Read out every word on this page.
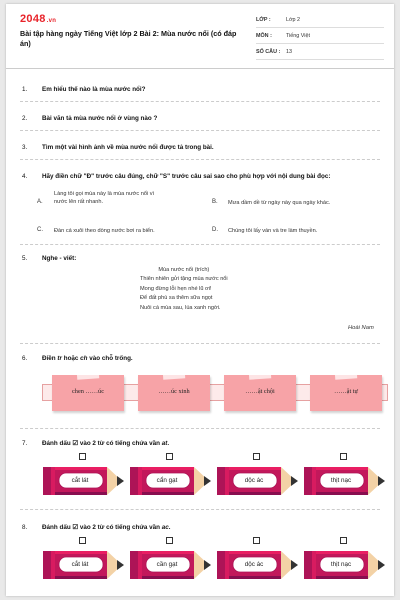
2048.vn
Bài tập hàng ngày Tiếng Việt lớp 2 Bài 2: Mùa nước nổi (có đáp án)
LỚP :	Lớp 2
MÔN :	Tiếng Việt
SỐ CÂU :	13
1. Em hiểu thế nào là mùa nước nổi?
2. Bài văn tả mùa nước nổi ở vùng nào ?
3. Tìm một vài hình ảnh về mùa nước nổi được tả trong bài.
4. Hãy điền chữ "Đ" trước câu đúng, chữ "S" trước câu sai sao cho phù hợp với nội dung bài đọc:
A.
Làng tôi gọi mùa này là mùa nước nổi vì
nước lên rất nhanh.	B. Mưa dầm dề từ ngày này qua ngày khác.
C. Đàn cá xuôi theo dòng nước bơi ra biển.	D. Chúng tôi lấy ván và tre làm thuyền.
5. Nghe - viết:
Mùa nước nổi (trích)
Thiên nhiên gửi tặng mùa nước nổi
Mong đừng lỗi hẹn nhé lũ ơi!
Để đất phù sa thêm sữa ngọt
Nuôi cá mùa sau, lúa xanh ngời.
Hoài Nam
6. Điền tr hoặc ch vào chỗ trống.
chen ……úc	……úc xinh	……ật chội	……ật tự
7. Đánh dấu ☑ vào 2 từ có tiếng chứa vần at.
cắt lát	cẩn gạt	dộc ác	thịt nạc
8. Đánh dấu ☑ vào 2 từ có tiếng chứa vần ac.
cắt lát	cần gạt	dộc ác	thịt nạc
